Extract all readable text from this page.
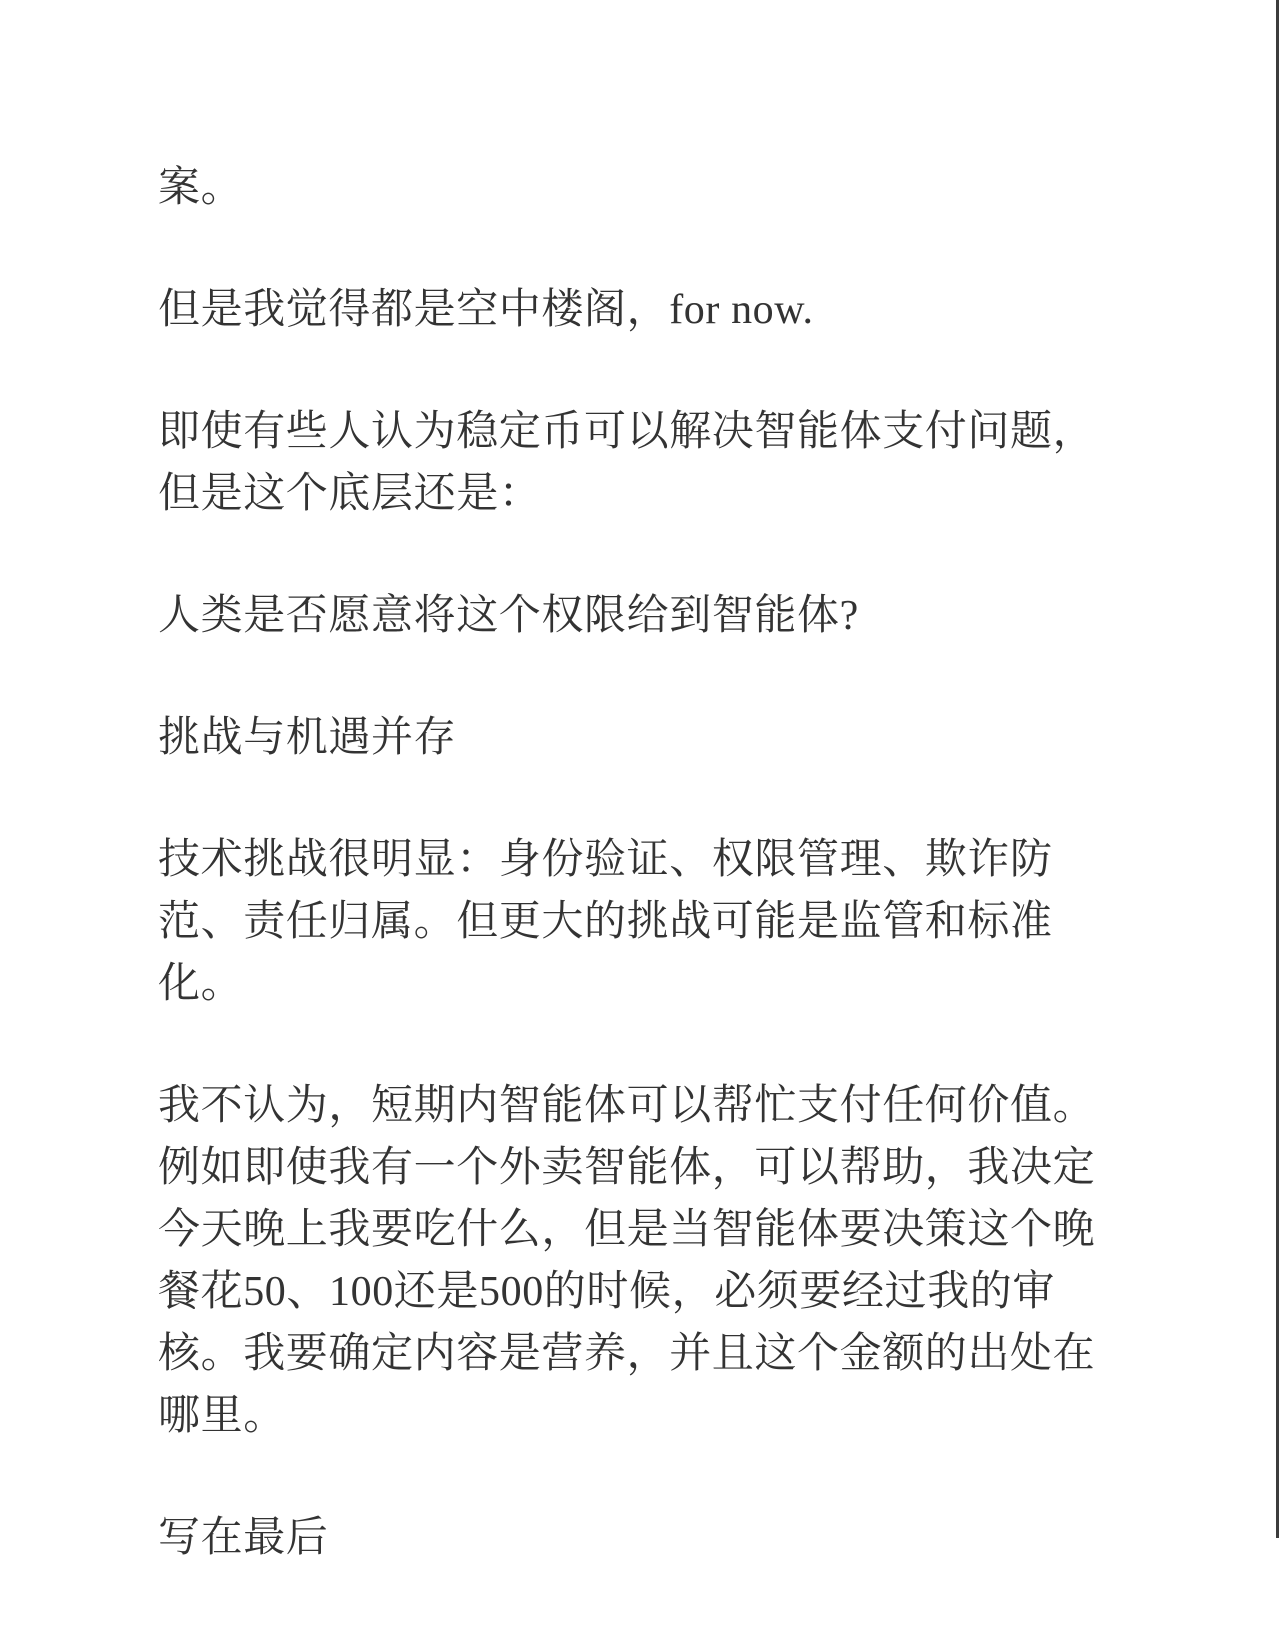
案。

但是我觉得都是空中楼阁，for now.

即使有些人认为稳定币可以解决智能体支付问题，
但是这个底层还是：

人类是否愿意将这个权限给到智能体?

挑战与机遇并存

技术挑战很明显：身份验证、权限管理、欺诈防
范、责任归属。但更大的挑战可能是监管和标准
化。

我不认为，短期内智能体可以帮忙支付任何价值。
例如即使我有一个外卖智能体，可以帮助，我决定
今天晚上我要吃什么，但是当智能体要决策这个晚
餐花50、100还是500的时候，必须要经过我的审
核。我要确定内容是营养，并且这个金额的出处在
哪里。

写在最后
